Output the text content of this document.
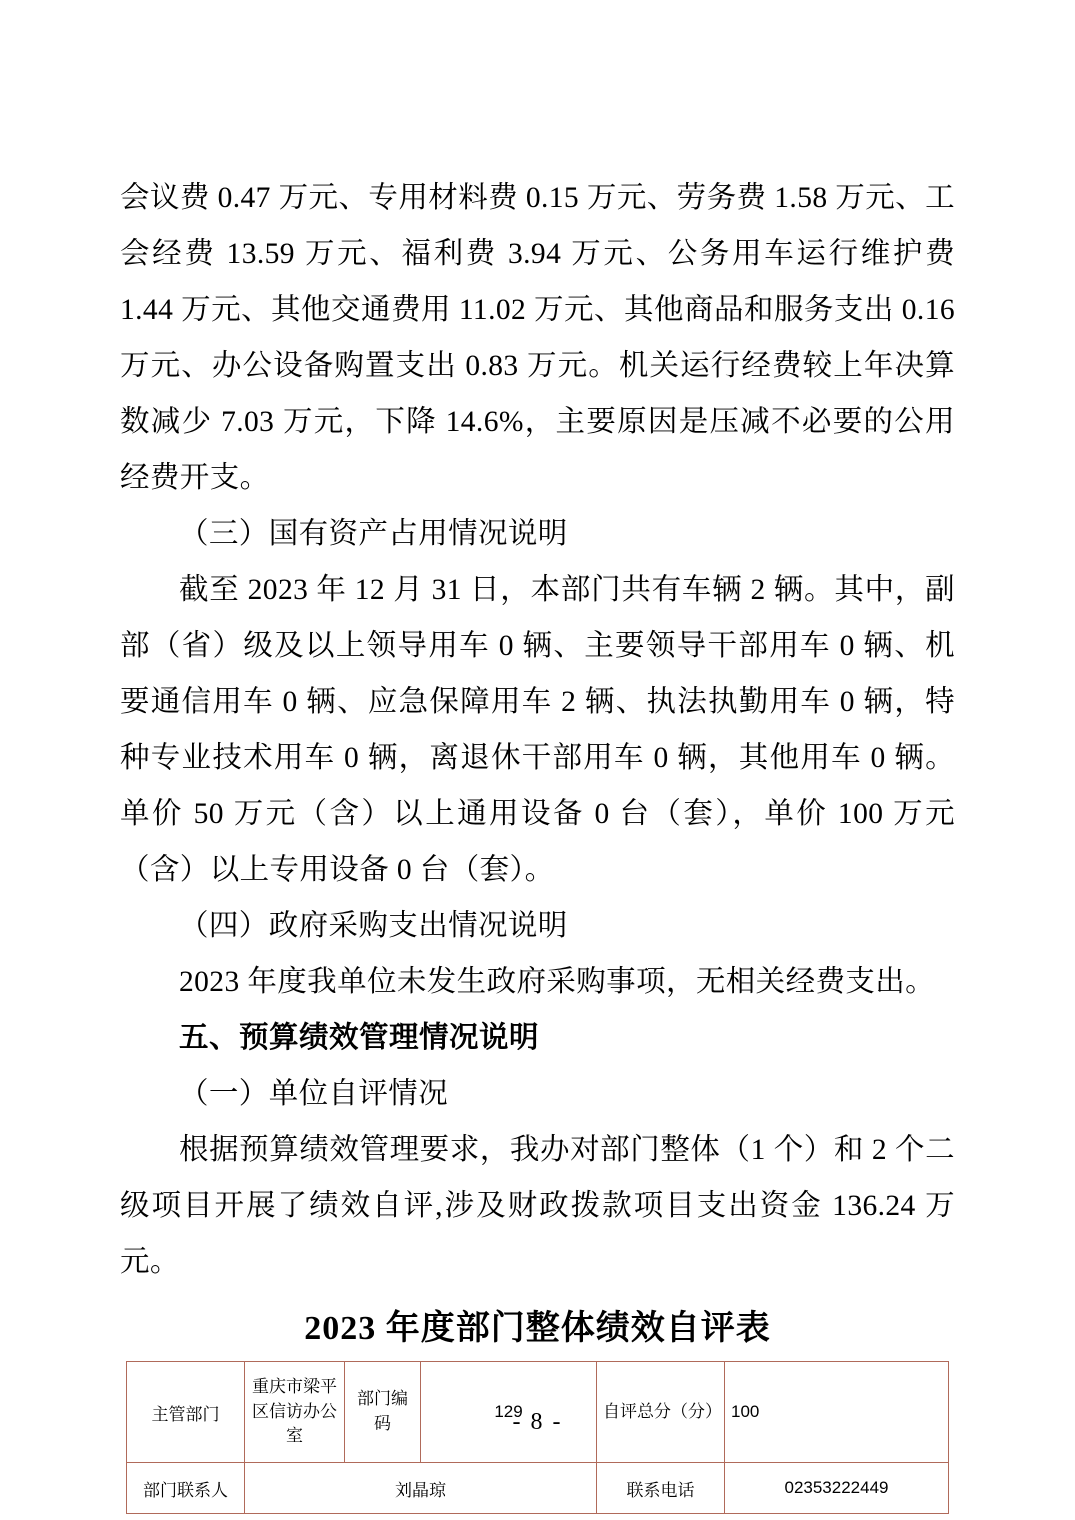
会议费 0.47 万元、专用材料费 0.15 万元、劳务费 1.58 万元、工会经费 13.59 万元、福利费 3.94 万元、公务用车运行维护费 1.44 万元、其他交通费用 11.02 万元、其他商品和服务支出 0.16 万元、办公设备购置支出 0.83 万元。机关运行经费较上年决算数减少 7.03 万元，下降 14.6%，主要原因是压减不必要的公用经费开支。

（三）国有资产占用情况说明

截至 2023 年 12 月 31 日，本部门共有车辆 2 辆。其中，副部（省）级及以上领导用车 0 辆、主要领导干部用车 0 辆、机要通信用车 0 辆、应急保障用车 2 辆、执法执勤用车 0 辆，特种专业技术用车 0 辆，离退休干部用车 0 辆，其他用车 0 辆。单价 50 万元（含）以上通用设备 0 台（套），单价 100 万元（含）以上专用设备 0 台（套）。

（四）政府采购支出情况说明

2023 年度我单位未发生政府采购事项，无相关经费支出。

五、预算绩效管理情况说明

（一）单位自评情况

根据预算绩效管理要求，我办对部门整体（1 个）和 2 个二级项目开展了绩效自评,涉及财政拨款项目支出资金 136.24 万元。

2023 年度部门整体绩效自评表
主管部门	重庆市梁平区信访办公室	部门编码	129	自评总分（分）	100
部门联系人	刘晶琼			联系电话	02353222449
- 8 -
